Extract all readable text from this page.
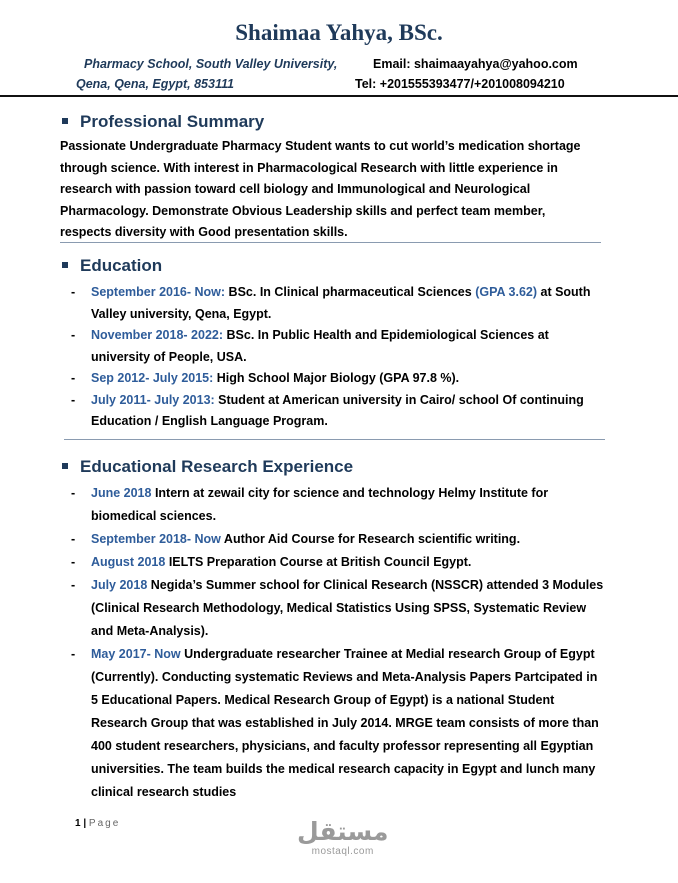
Shaimaa Yahya, BSc.
Pharmacy School, South Valley University,
Qena, Qena, Egypt, 853111
Email: shaimaayahya@yahoo.com
Tel: +201555393477/+201008094210
Professional Summary
Passionate Undergraduate Pharmacy Student wants to cut world’s medication shortage through science. With interest in Pharmacological Research with little experience in research with passion toward cell biology and Immunological and Neurological Pharmacology. Demonstrate Obvious Leadership skills and perfect team member, respects diversity with Good presentation skills.
Education
- September 2016- Now: BSc. In Clinical pharmaceutical Sciences (GPA 3.62) at South Valley university, Qena, Egypt.
- November 2018- 2022: BSc. In Public Health and Epidemiological Sciences at university of People, USA.
- Sep 2012- July 2015: High School Major Biology (GPA 97.8 %).
- July 2011- July 2013: Student at American university in Cairo/ school Of continuing Education / English Language Program.
Educational Research Experience
- June 2018 Intern at zewail city for science and technology Helmy Institute for biomedical sciences.
- September 2018- Now Author Aid Course for Research scientific writing.
- August 2018 IELTS Preparation Course at British Council Egypt.
- July 2018 Negida’s Summer school for Clinical Research (NSSCR) attended 3 Modules (Clinical Research Methodology, Medical Statistics Using SPSS, Systematic Review and Meta-Analysis).
- May 2017- Now Undergraduate researcher Trainee at Medial research Group of Egypt (Currently). Conducting systematic Reviews and Meta-Analysis Papers Partcipated in 5 Educational Papers. Medical Research Group of Egypt) is a national Student Research Group that was established in July 2014. MRGE team consists of more than 400 student researchers, physicians, and faculty professor representing all Egyptian universities. The team builds the medical research capacity in Egypt and lunch many clinical research studies
1 | Page	مستقل
mostaql.com
